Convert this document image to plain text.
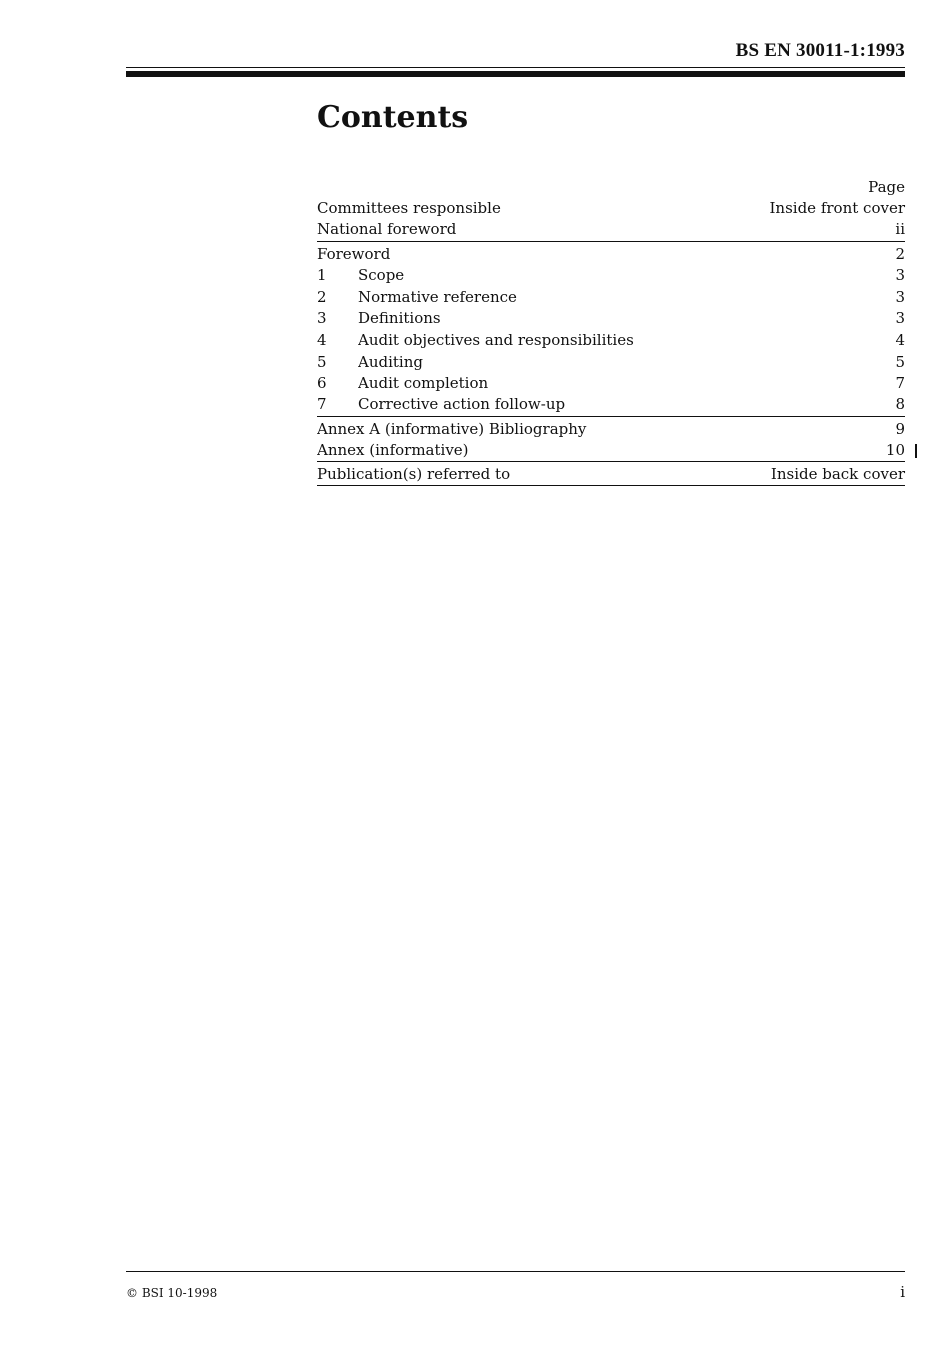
BS EN 30011-1:1993
Contents
Page
Committees responsible	Inside front cover
National foreword	ii
Foreword	2
1	Scope	3
2	Normative reference	3
3	Definitions	3
4	Audit objectives and responsibilities	4
5	Auditing	5
6	Audit completion	7
7	Corrective action follow-up	8
Annex A (informative) Bibliography	9
Annex (informative)	10
Publication(s) referred to	Inside back cover
© BSI 10-1998	i
